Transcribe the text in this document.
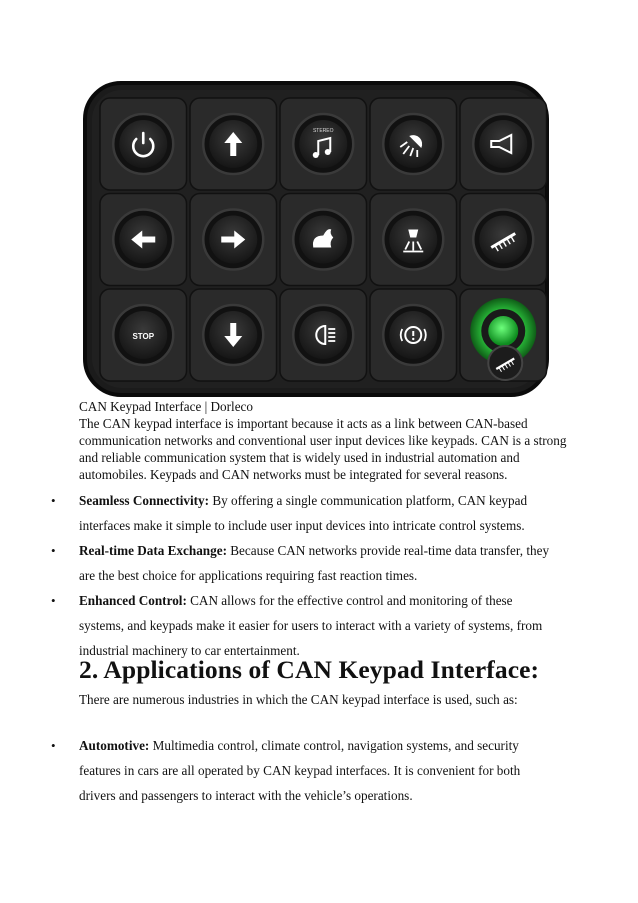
STEREO
STOP
CAN Keypad Interface | Dorleco

The CAN keypad interface is important because it acts as a link between CAN-based communication networks and conventional user input devices like keypads. CAN is a strong and reliable communication system that is widely used in industrial automation and automobiles. Keypads and CAN networks must be integrated for several reasons.

• Seamless Connectivity: By offering a single communication platform, CAN keypad interfaces make it simple to include user input devices into intricate control systems.
• Real-time Data Exchange: Because CAN networks provide real-time data transfer, they are the best choice for applications requiring fast reaction times.
• Enhanced Control: CAN allows for the effective control and monitoring of these systems, and keypads make it easier for users to interact with a variety of systems, from industrial machinery to car entertainment.
2. Applications of CAN Keypad Interface:

There are numerous industries in which the CAN keypad interface is used, such as:

• Automotive: Multimedia control, climate control, navigation systems, and security features in cars are all operated by CAN keypad interfaces. It is convenient for both drivers and passengers to interact with the vehicle’s operations.
